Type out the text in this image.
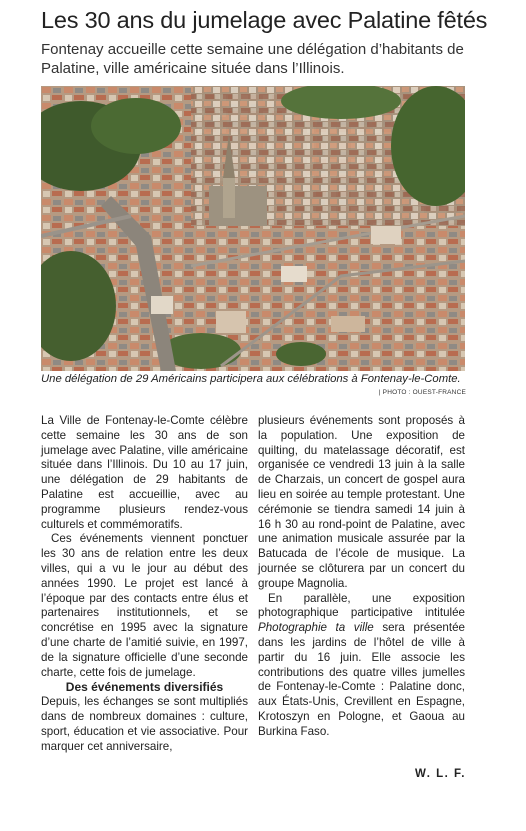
Les 30 ans du jumelage avec Palatine fêtés
Fontenay accueille cette semaine une délégation d’habitants de Palatine, ville américaine située dans l’Illinois.
Une délégation de 29 Américains participera aux célébrations à Fontenay-le-Comte.
| PHOTO : OUEST-FRANCE

La Ville de Fontenay-le-Comte célèbre cette semaine les 30 ans de son jumelage avec Palatine, ville américaine située dans l’Illinois. Du 10 au 17 juin, une délégation de 29 habitants de Palatine est accueillie, avec au programme plusieurs rendez-vous culturels et commémoratifs.

Ces événements viennent ponctuer les 30 ans de relation entre les deux villes, qui a vu le jour au début des années 1990. Le projet est lancé à l’époque par des contacts entre élus et partenaires institutionnels, et se concrétise en 1995 avec la signature d’une charte de l’amitié suivie, en 1997, de la signature officielle d’une seconde charte, cette fois de jumelage.

Des événements diversifiés

Depuis, les échanges se sont multipliés dans de nombreux domaines : culture, sport, éducation et vie associative. Pour marquer cet anniversaire,

plusieurs événements sont proposés à la population. Une exposition de quilting, du matelassage décoratif, est organisée ce vendredi 13 juin à la salle de Charzais, un concert de gospel aura lieu en soirée au temple protestant. Une cérémonie se tiendra samedi 14 juin à 16 h 30 au rond-point de Palatine, avec une animation musicale assurée par la Batucada de l’école de musique. La journée se clôturera par un concert du groupe Magnolia.

En parallèle, une exposition photographique participative intitulée Photographie ta ville sera présentée dans les jardins de l’hôtel de ville à partir du 16 juin. Elle associe les contributions des quatre villes jumelles de Fontenay-le-Comte : Palatine donc, aux États-Unis, Crevillent en Espagne, Krotoszyn en Pologne, et Gaoua au Burkina Faso.

W. L. F.
